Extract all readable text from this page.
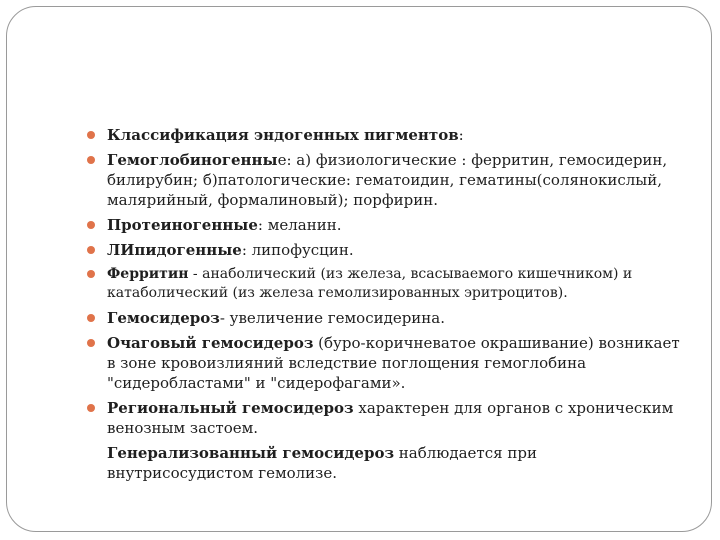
Классификация эндогенных пигментов:
Гемоглобиногенные: а) физиологические : ферритин, гемосидерин, билирубин; б)патологические: гематоидин, гематины(солянокислый, малярийный, формалиновый); порфирин.
Протеиногенные: меланин.
ЛИпидогенные: липофусцин.
Ферритин - анаболический (из железа, всасываемого кишечником) и катаболический (из железа гемолизированных эритроцитов).
Гемосидероз- увеличение гемосидерина.
Очаговый гемосидероз (буро-коричневатое окрашивание) возникает в зоне кровоизлияний вследствие поглощения гемоглобина "сидеробластами" и "сидерофагами».
Региональный гемосидероз характерен для органов с хроническим венозным застоем.
Генерализованный гемосидероз наблюдается при внутрисосудистом гемолизе.
